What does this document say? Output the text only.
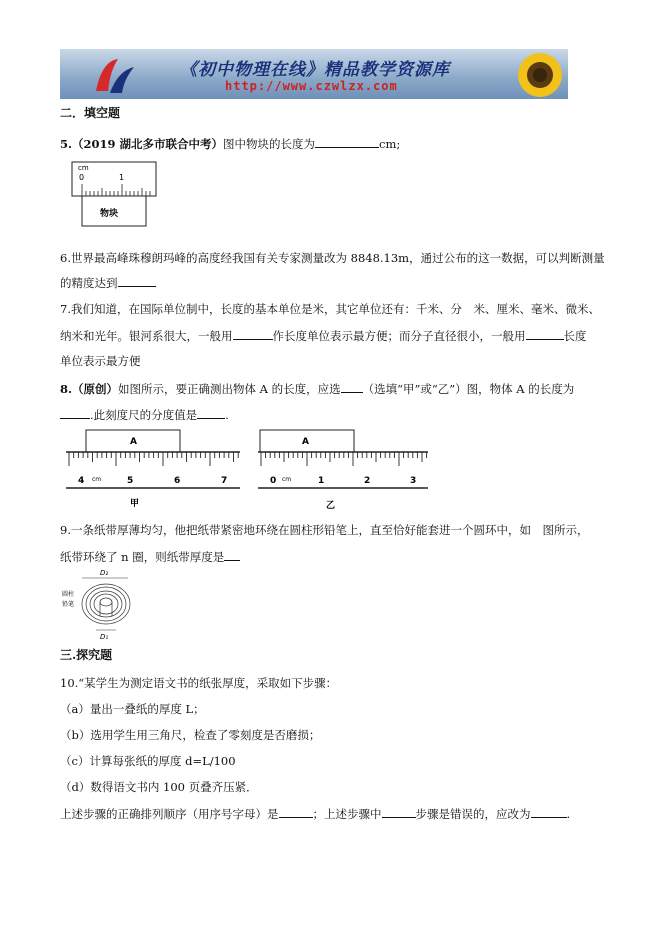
《初中物理在线》精品教学资源库
http://www.czwlzx.com
二．填空题
5.（2019 湖北多市联合中考）图中物块的长度为	cm;
cm
0	1
物块
6.世界最高峰珠穆朗玛峰的高度经我国有关专家测量改为 8848.13m，通过公布的这一数据，可以判断测量
的精度达到
7.我们知道，在国际单位制中，长度的基本单位是米，其它单位还有：千米、分　米、厘米、毫米、微米、
纳米和光年。银河系很大，一般用	作长度单位表示最方便；而分子直径很小，一般用	长度
单位表示最方便
8.（原创）如图所示，要正确测出物体 A 的长度，应选 （选填“甲”或“乙”）图，物体 A 的长度为
.此刻度尺的分度值是 .
A
4 cm	5	6	7
甲
A
0 cm	1	2	3
乙
9.一条纸带厚薄均匀，他把纸带紧密地环绕在圆柱形铅笔上，直至恰好能套进一个圆环中，如　图所示，
纸带环绕了 n 圈，则纸带厚度是
D₂
圆柱
铅笔
D₁
三.探究题
10.“某学生为测定语文书的纸张厚度，采取如下步骤：
（a）量出一叠纸的厚度 L；
（b）选用学生用三角尺，检查了零刻度是否磨损；
（c）计算每张纸的厚度 d=L/100
（d）数得语文书内 100 页叠齐压紧．
上述步骤的正确排列顺序（用序号字母）是	；上述步骤中	步骤是错误的，应改为	.
